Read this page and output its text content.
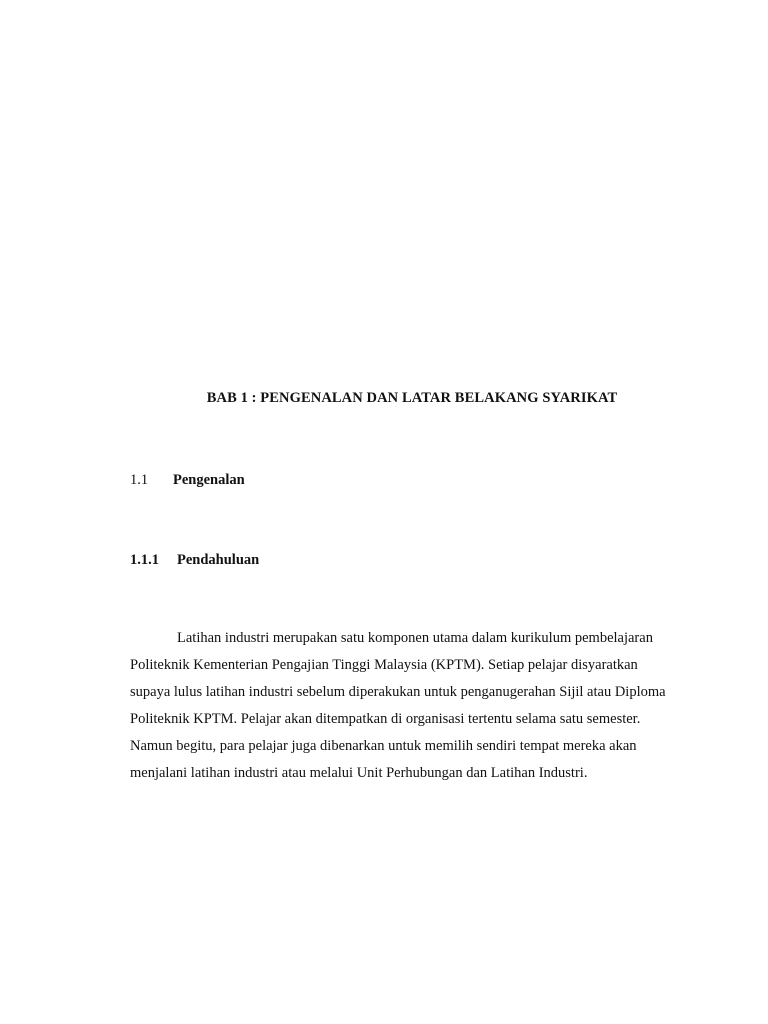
BAB 1 : PENGENALAN DAN LATAR BELAKANG SYARIKAT
1.1 Pengenalan
1.1.1 Pendahuluan

Latihan industri merupakan satu komponen utama dalam kurikulum pembelajaran
Politeknik Kementerian Pengajian Tinggi Malaysia (KPTM). Setiap pelajar disyaratkan
supaya lulus latihan industri sebelum diperakukan untuk penganugerahan Sijil atau Diploma
Politeknik KPTM. Pelajar akan ditempatkan di organisasi tertentu selama satu semester.
Namun begitu, para pelajar juga dibenarkan untuk memilih sendiri tempat mereka akan
menjalani latihan industri atau melalui Unit Perhubungan dan Latihan Industri.
